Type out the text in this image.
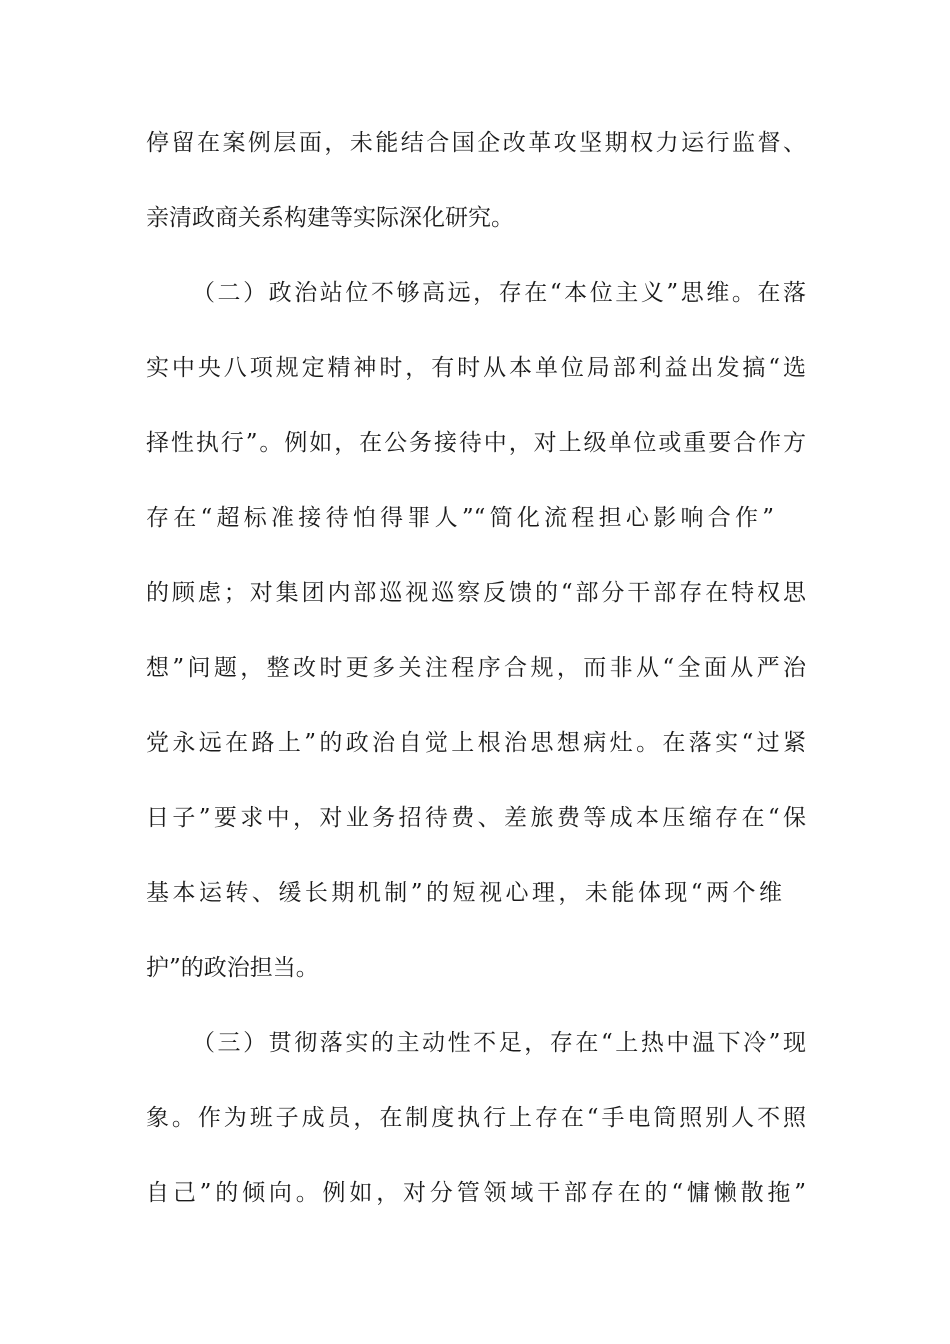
停留在案例层面，未能结合国企改革攻坚期权力运行监督、
亲清政商关系构建等实际深化研究。
（二）政治站位不够高远，存在“本位主义”思维。在落
实中央八项规定精神时，有时从本单位局部利益出发搞“选
择性执行”。例如，在公务接待中，对上级单位或重要合作方
存在“超标准接待怕得罪人”“简化流程担心影响合作”
的顾虑；对集团内部巡视巡察反馈的“部分干部存在特权思
想”问题，整改时更多关注程序合规，而非从“全面从严治
党永远在路上”的政治自觉上根治思想病灶。在落实“过紧
日子”要求中，对业务招待费、差旅费等成本压缩存在“保
基本运转、缓长期机制”的短视心理，未能体现“两个维
护”的政治担当。
（三）贯彻落实的主动性不足，存在“上热中温下冷”现
象。作为班子成员，在制度执行上存在“手电筒照别人不照
自己”的倾向。例如，对分管领域干部存在的“慵懒散拖”
